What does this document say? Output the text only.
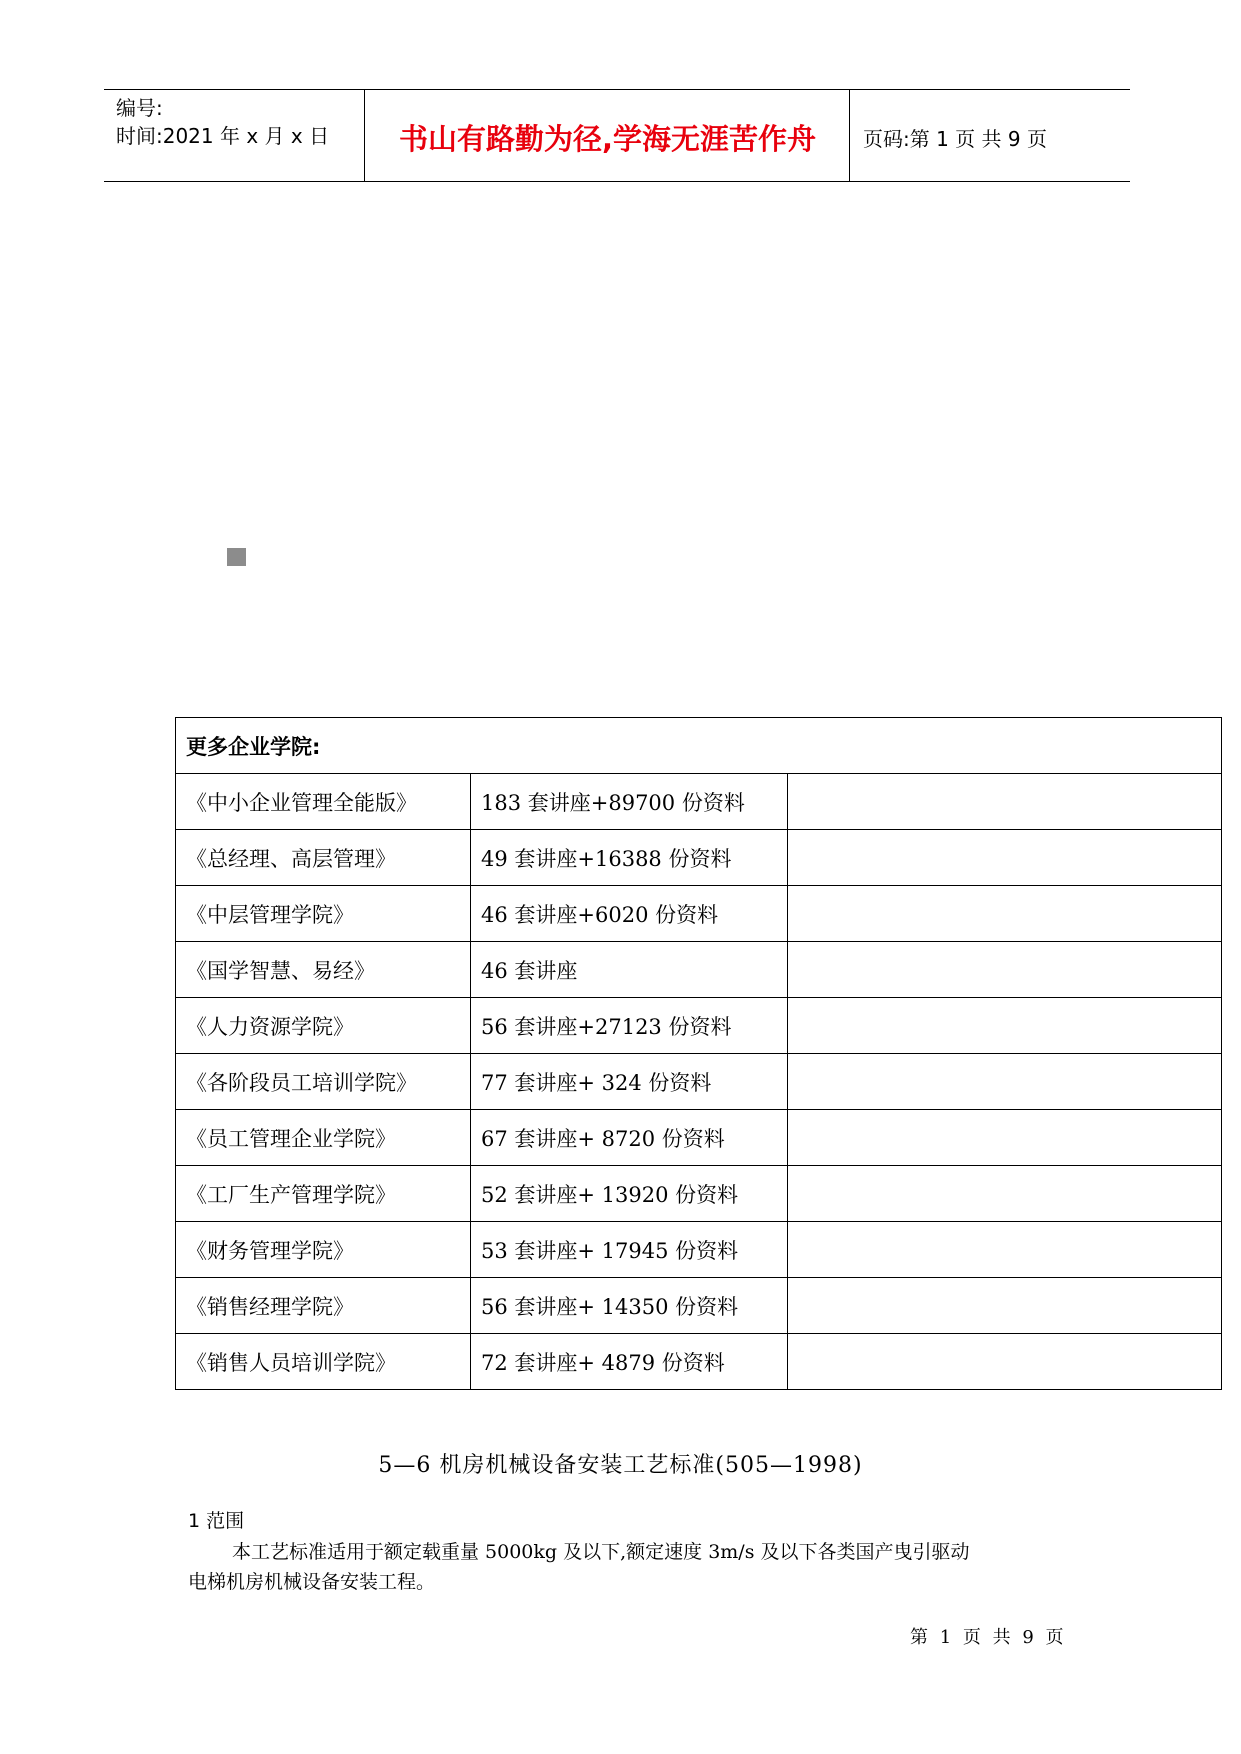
编号:
时间:2021 年 x 月 x 日	书山有路勤为径,学海无涯苦作舟	页码:第 1 页 共 9 页
更多企业学院:		
《中小企业管理全能版》	183 套讲座+89700 份资料	
《总经理、高层管理》	49 套讲座+16388 份资料	
《中层管理学院》	46 套讲座+6020 份资料	
《国学智慧、易经》	46 套讲座	
《人力资源学院》	56 套讲座+27123 份资料	
《各阶段员工培训学院》	77 套讲座+ 324 份资料	
《员工管理企业学院》	67 套讲座+ 8720 份资料	
《工厂生产管理学院》	52 套讲座+ 13920 份资料	
《财务管理学院》	53 套讲座+ 17945 份资料	
《销售经理学院》	56 套讲座+ 14350 份资料	
《销售人员培训学院》	72 套讲座+ 4879 份资料	
5—6 机房机械设备安装工艺标准(505—1998)
1 范围
本工艺标准适用于额定载重量 5000kg 及以下,额定速度 3m/s 及以下各类国产曳引驱动
电梯机房机械设备安装工程。
第 1 页 共 9 页
